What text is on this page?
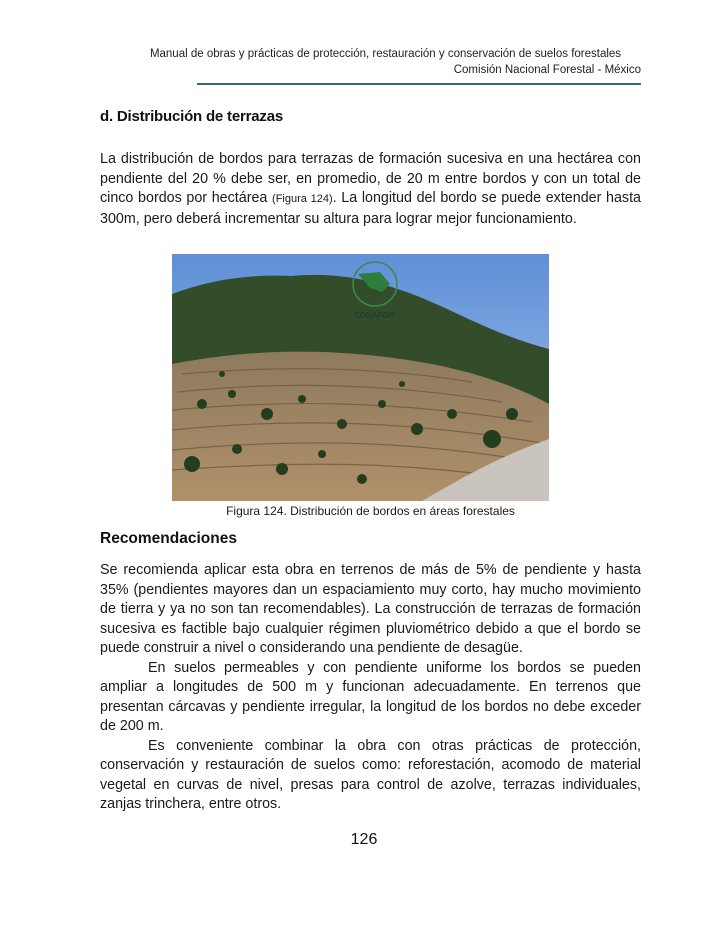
Manual de obras y prácticas de protección, restauración y conservación de suelos forestales
Comisión Nacional Forestal - México
d. Distribución de terrazas
La distribución de bordos para terrazas de formación sucesiva en una hectárea con pendiente del 20 % debe ser, en promedio, de 20 m entre bordos y con un total de cinco bordos por hectárea (Figura 124). La longitud del bordo se puede extender hasta 300m, pero deberá incrementar su altura para lograr mejor funcionamiento.
CONAFOR
Figura 124. Distribución de bordos en áreas forestales
Recomendaciones
Se recomienda aplicar esta obra en terrenos de más de 5% de pendiente y hasta 35% (pendientes mayores dan un espaciamiento muy corto, hay mucho movimiento de tierra y ya no son tan recomendables). La construcción de terrazas de formación sucesiva es factible bajo cualquier régimen pluviométrico debido a que el bordo se puede construir a nivel o considerando una pendiente de desagüe.
En suelos permeables y con pendiente uniforme los bordos se pueden ampliar a longitudes de 500 m y funcionan adecuadamente. En terrenos que presentan cárcavas y pendiente irregular, la longitud de los bordos no debe exceder de 200 m.
Es conveniente combinar la obra con otras prácticas de protección, conservación y restauración de suelos como: reforestación, acomodo de material vegetal en curvas de nivel, presas para control de azolve, terrazas individuales, zanjas trinchera, entre otros.
126
